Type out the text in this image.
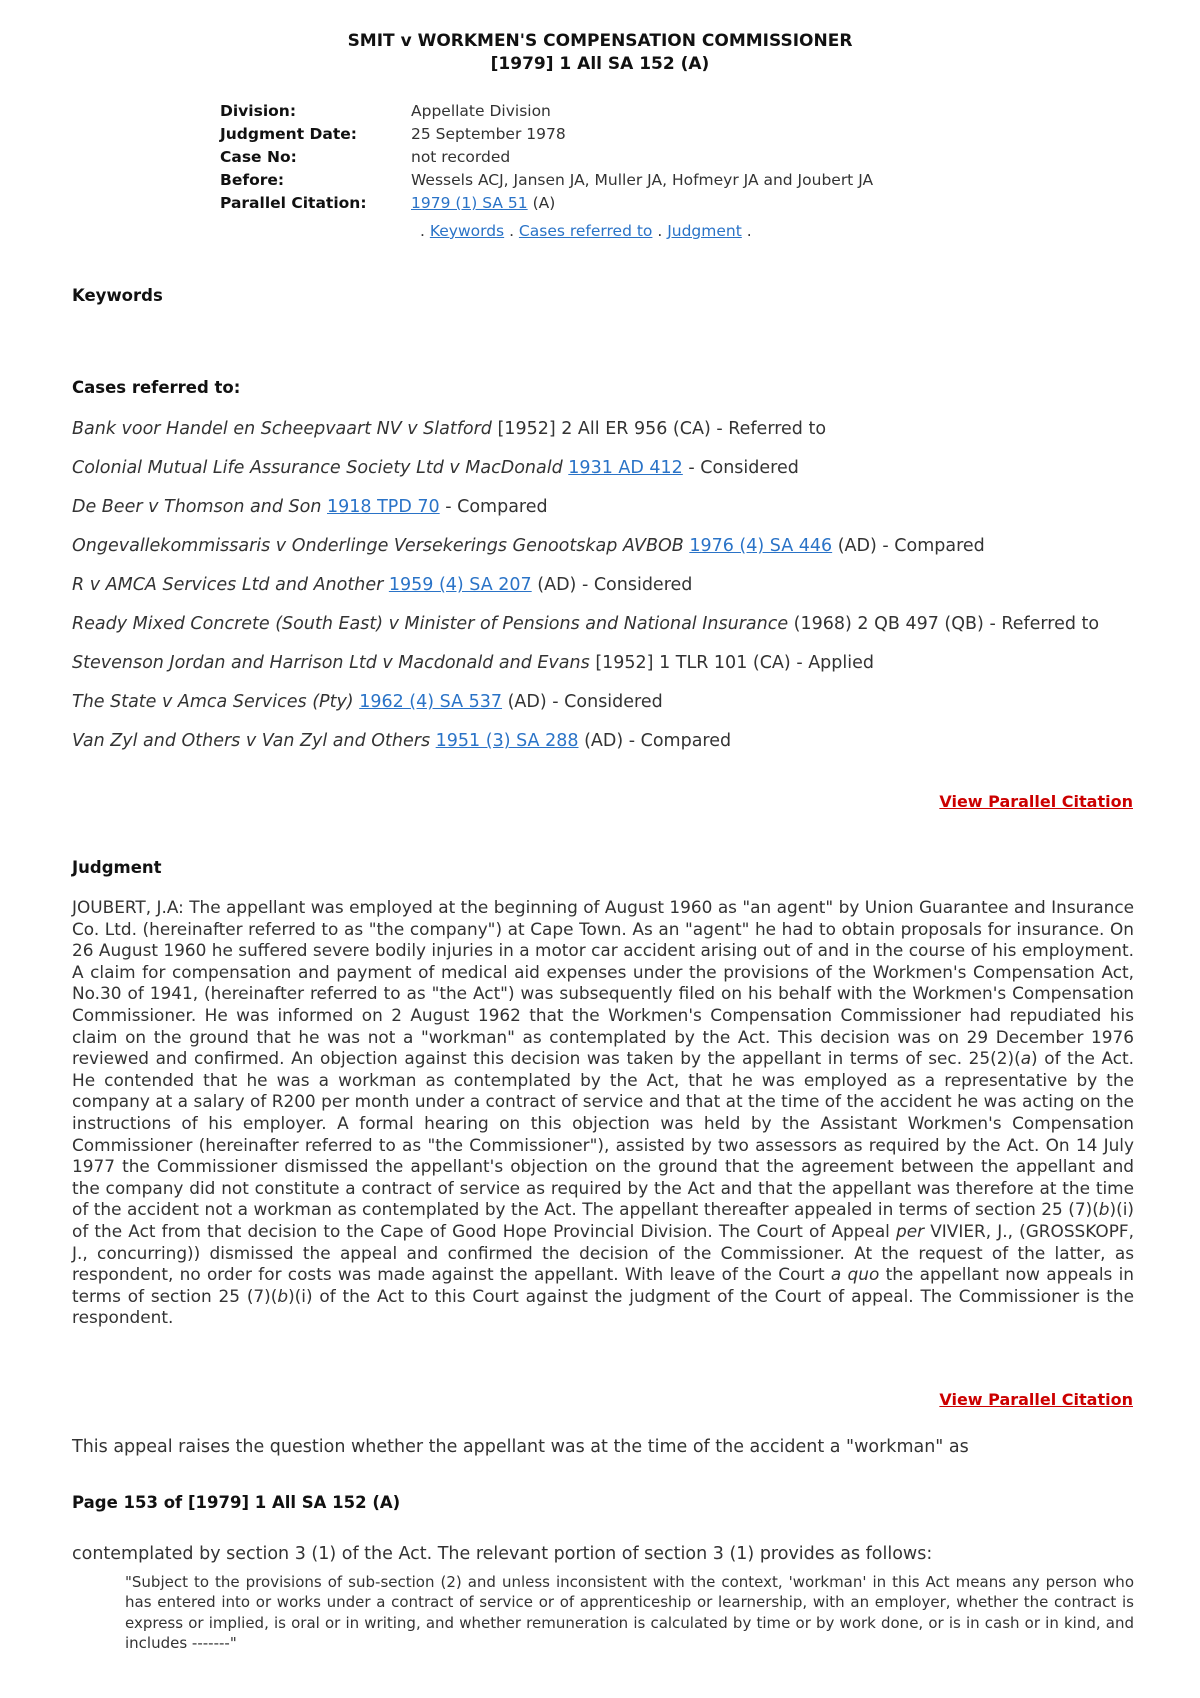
SMIT v WORKMEN'S COMPENSATION COMMISSIONER
[1979] 1 All SA 152 (A)
Division:	Appellate Division
Judgment Date:	25 September 1978
Case No:	not recorded
Before:	Wessels ACJ, Jansen JA, Muller JA, Hofmeyr JA and Joubert JA
Parallel Citation:	1979 (1) SA 51 (A)
. Keywords . Cases referred to . Judgment .
Keywords
Cases referred to:
Bank voor Handel en Scheepvaart NV v Slatford [1952] 2 All ER 956 (CA) - Referred to
Colonial Mutual Life Assurance Society Ltd v MacDonald 1931 AD 412 - Considered
De Beer v Thomson and Son 1918 TPD 70 - Compared
Ongevallekommissaris v Onderlinge Versekerings Genootskap AVBOB 1976 (4) SA 446 (AD) - Compared
R v AMCA Services Ltd and Another 1959 (4) SA 207 (AD) - Considered
Ready Mixed Concrete (South East) v Minister of Pensions and National Insurance (1968) 2 QB 497 (QB) - Referred to
Stevenson Jordan and Harrison Ltd v Macdonald and Evans [1952] 1 TLR 101 (CA) - Applied
The State v Amca Services (Pty) 1962 (4) SA 537 (AD) - Considered
Van Zyl and Others v Van Zyl and Others 1951 (3) SA 288 (AD) - Compared
View Parallel Citation
Judgment

JOUBERT, J.A: The appellant was employed at the beginning of August 1960 as "an agent" by Union Guarantee and Insurance Co. Ltd. (hereinafter referred to as "the company") at Cape Town. As an "agent" he had to obtain proposals for insurance. On 26 August 1960 he suffered severe bodily injuries in a motor car accident arising out of and in the course of his employment. A claim for compensation and payment of medical aid expenses under the provisions of the Workmen's Compensation Act, No.30 of 1941, (hereinafter referred to as "the Act") was subsequently filed on his behalf with the Workmen's Compensation Commissioner. He was informed on 2 August 1962 that the Workmen's Compensation Commissioner had repudiated his claim on the ground that he was not a "workman" as contemplated by the Act. This decision was on 29 December 1976 reviewed and confirmed. An objection against this decision was taken by the appellant in terms of sec. 25(2)(a) of the Act. He contended that he was a workman as contemplated by the Act, that he was employed as a representative by the company at a salary of R200 per month under a contract of service and that at the time of the accident he was acting on the instructions of his employer. A formal hearing on this objection was held by the Assistant Workmen's Compensation Commissioner (hereinafter referred to as "the Commissioner"), assisted by two assessors as required by the Act. On 14 July 1977 the Commissioner dismissed the appellant's objection on the ground that the agreement between the appellant and the company did not constitute a contract of service as required by the Act and that the appellant was therefore at the time of the accident not a workman as contemplated by the Act. The appellant thereafter appealed in terms of section 25 (7)(b)(i) of the Act from that decision to the Cape of Good Hope Provincial Division. The Court of Appeal per VIVIER, J., (GROSSKOPF, J., concurring)) dismissed the appeal and confirmed the decision of the Commissioner. At the request of the latter, as respondent, no order for costs was made against the appellant. With leave of the Court a quo the appellant now appeals in terms of section 25 (7)(b)(i) of the Act to this Court against the judgment of the Court of appeal. The Commissioner is the respondent.

View Parallel Citation
This appeal raises the question whether the appellant was at the time of the accident a "workman" as
Page 153 of [1979] 1 All SA 152 (A)
contemplated by section 3 (1) of the Act. The relevant portion of section 3 (1) provides as follows:

"Subject to the provisions of sub-section (2) and unless inconsistent with the context, 'workman' in this Act means any person who has entered into or works under a contract of service or of apprenticeship or learnership, with an employer, whether the contract is express or implied, is oral or in writing, and whether remuneration is calculated by time or by work done, or is in cash or in kind, and includes -------"
